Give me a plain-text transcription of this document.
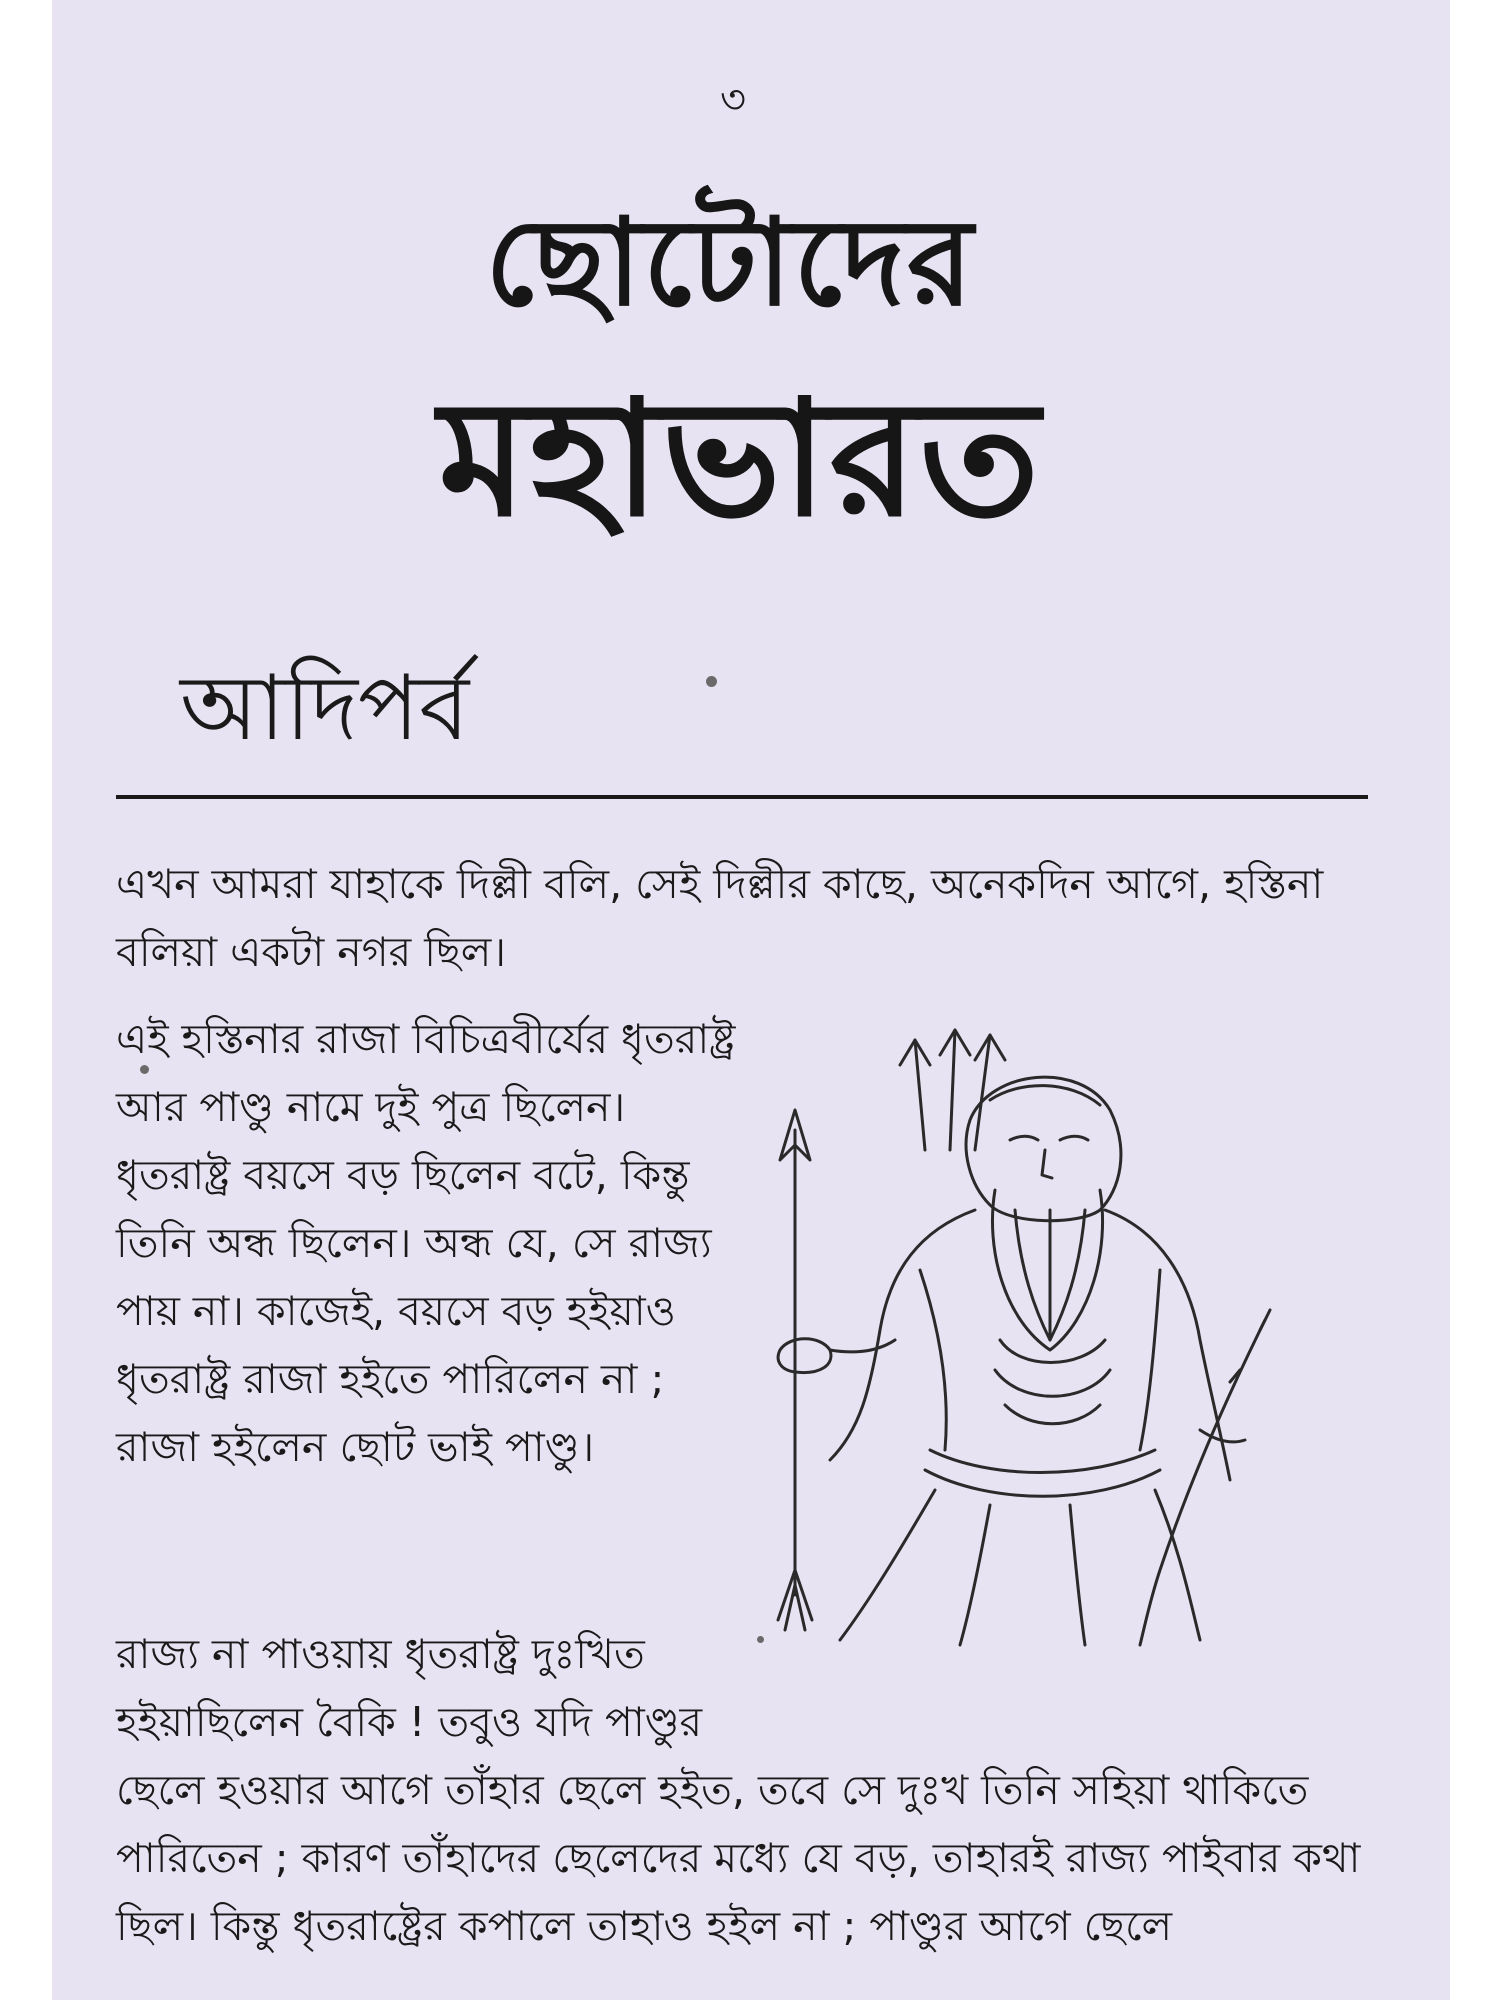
৩
ছোটোদের
মহাভারত
আদিপর্ব

এখন আমরা যাহাকে দিল্লী বলি, সেই দিল্লীর কাছে, অনেকদিন আগে, হস্তিনা বলিয়া একটা নগর ছিল।

এই হস্তিনার রাজা বিচিত্রবীর্যের ধৃতরাষ্ট্র আর পাণ্ডু নামে দুই পুত্র ছিলেন। ধৃতরাষ্ট্র বয়সে বড় ছিলেন বটে, কিন্তু তিনি অন্ধ ছিলেন। অন্ধ যে, সে রাজ্য পায় না। কাজেই, বয়সে বড় হইয়াও ধৃতরাষ্ট্র রাজা হইতে পারিলেন না ; রাজা হইলেন ছোট ভাই পাণ্ডু।

রাজ্য না পাওয়ায় ধৃতরাষ্ট্র দুঃখিত হইয়াছিলেন বৈকি ! তবুও যদি পাণ্ডুর

ছেলে হওয়ার আগে তাঁহার ছেলে হইত, তবে সে দুঃখ তিনি সহিয়া থাকিতে পারিতেন ; কারণ তাঁহাদের ছেলেদের মধ্যে যে বড়, তাহারই রাজ্য পাইবার কথা ছিল। কিন্তু ধৃতরাষ্ট্রের কপালে তাহাও হইল না ; পাণ্ডুর আগে ছেলে
